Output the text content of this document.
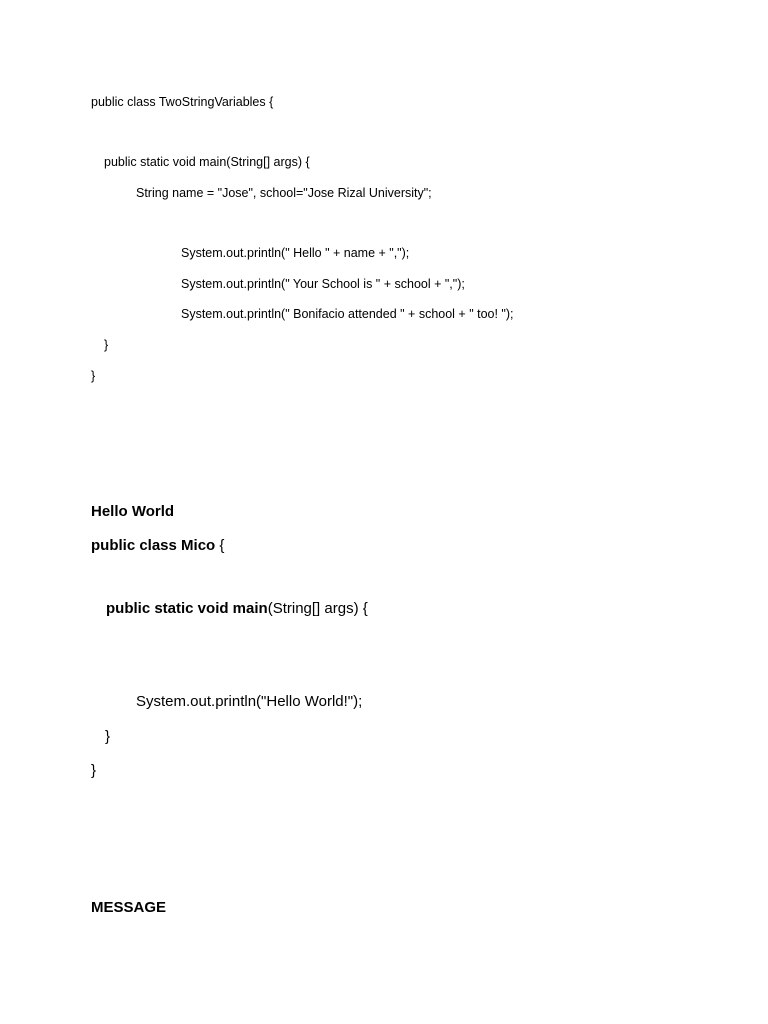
public class TwoStringVariables {
public static void main(String[] args) {
String name = "Jose", school="Jose Rizal University";
System.out.println(" Hello " + name + ",");
System.out.println(" Your School is " + school + ",");
System.out.println(" Bonifacio attended " + school + " too! ");
}
}
Hello World
public class Mico {
public static void main(String[] args) {
System.out.println("Hello World!");
}
}
MESSAGE
